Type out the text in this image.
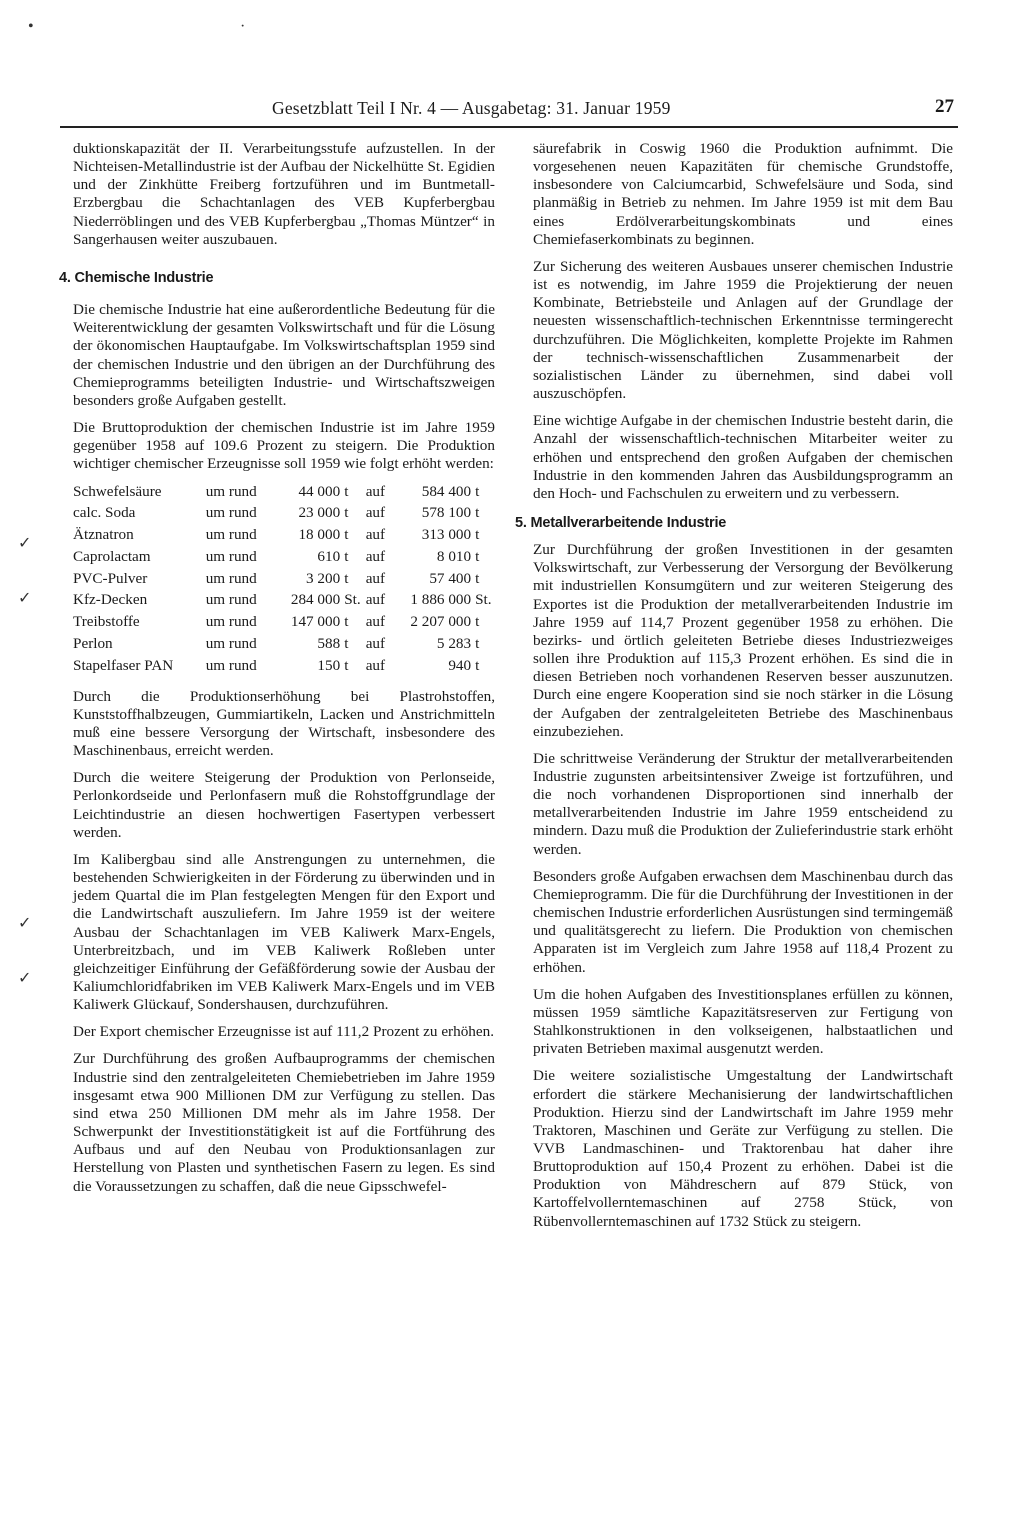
Gesetzblatt Teil I Nr. 4 — Ausgabetag: 31. Januar 1959	27
•	·
✓
✓
✓
✓

duktionskapazität der II. Verarbeitungsstufe aufzustellen. In der Nichteisen-Metallindustrie ist der Aufbau der Nickelhütte St. Egidien und der Zinkhütte Freiberg fortzuführen und im Buntmetall-Erzbergbau die Schachtanlagen des VEB Kupferbergbau Niederröblingen und des VEB Kupferbergbau „Thomas Müntzer“ in Sangerhausen weiter auszubauen.

4. Chemische Industrie

Die chemische Industrie hat eine außerordentliche Bedeutung für die Weiterentwicklung der gesamten Volkswirtschaft und für die Lösung der ökonomischen Hauptaufgabe. Im Volkswirtschaftsplan 1959 sind der chemischen Industrie und den übrigen an der Durchführung des Chemieprogramms beteiligten Industrie- und Wirtschaftszweigen besonders große Aufgaben gestellt.

Die Bruttoproduktion der chemischen Industrie ist im Jahre 1959 gegenüber 1958 auf 109.6 Prozent zu steigern. Die Produktion wichtiger chemischer Erzeugnisse soll 1959 wie folgt erhöht werden:

Schwefelsäure	um rund	44 000	t	auf	584 400	t
calc. Soda	um rund	23 000	t	auf	578 100	t
Ätznatron	um rund	18 000	t	auf	313 000	t
Caprolactam	um rund	610	t	auf	8 010	t
PVC-Pulver	um rund	3 200	t	auf	57 400	t
Kfz-Decken	um rund	284 000	St.	auf	1 886 000	St.
Treibstoffe	um rund	147 000	t	auf	2 207 000	t
Perlon	um rund	588	t	auf	5 283	t
Stapelfaser PAN	um rund	150	t	auf	940	t

Durch die Produktionserhöhung bei Plastrohstoffen, Kunststoffhalbzeugen, Gummiartikeln, Lacken und Anstrichmitteln muß eine bessere Versorgung der Wirtschaft, insbesondere des Maschinenbaus, erreicht werden.

Durch die weitere Steigerung der Produktion von Perlonseide, Perlonkordseide und Perlonfasern muß die Rohstoffgrundlage der Leichtindustrie an diesen hochwertigen Fasertypen verbessert werden.

Im Kalibergbau sind alle Anstrengungen zu unternehmen, die bestehenden Schwierigkeiten in der Förderung zu überwinden und in jedem Quartal die im Plan festgelegten Mengen für den Export und die Landwirtschaft auszuliefern. Im Jahre 1959 ist der weitere Ausbau der Schachtanlagen im VEB Kaliwerk Marx-Engels, Unterbreitzbach, und im VEB Kaliwerk Roßleben unter gleichzeitiger Einführung der Gefäßförderung sowie der Ausbau der Kaliumchloridfabriken im VEB Kaliwerk Marx-Engels und im VEB Kaliwerk Glückauf, Sondershausen, durchzuführen.

Der Export chemischer Erzeugnisse ist auf 111,2 Prozent zu erhöhen.

Zur Durchführung des großen Aufbauprogramms der chemischen Industrie sind den zentralgeleiteten Chemiebetrieben im Jahre 1959 insgesamt etwa 900 Millionen DM zur Verfügung zu stellen. Das sind etwa 250 Millionen DM mehr als im Jahre 1958. Der Schwerpunkt der Investitionstätigkeit ist auf die Fortführung des Aufbaus und auf den Neubau von Produktionsanlagen zur Herstellung von Plasten und synthetischen Fasern zu legen. Es sind die Voraussetzungen zu schaffen, daß die neue Gipsschwefel-

säurefabrik in Coswig 1960 die Produktion aufnimmt. Die vorgesehenen neuen Kapazitäten für chemische Grundstoffe, insbesondere von Calciumcarbid, Schwefelsäure und Soda, sind planmäßig in Betrieb zu nehmen. Im Jahre 1959 ist mit dem Bau eines Erdölverarbeitungskombinats und eines Chemiefaserkombinats zu beginnen.

Zur Sicherung des weiteren Ausbaues unserer chemischen Industrie ist es notwendig, im Jahre 1959 die Projektierung der neuen Kombinate, Betriebsteile und Anlagen auf der Grundlage der neuesten wissenschaftlich-technischen Erkenntnisse termingerecht durchzuführen. Die Möglichkeiten, komplette Projekte im Rahmen der technisch-wissenschaftlichen Zusammenarbeit der sozialistischen Länder zu übernehmen, sind dabei voll auszuschöpfen.

Eine wichtige Aufgabe in der chemischen Industrie besteht darin, die Anzahl der wissenschaftlich-technischen Mitarbeiter weiter zu erhöhen und entsprechend den großen Aufgaben der chemischen Industrie in den kommenden Jahren das Ausbildungsprogramm an den Hoch- und Fachschulen zu erweitern und zu verbessern.

5. Metallverarbeitende Industrie

Zur Durchführung der großen Investitionen in der gesamten Volkswirtschaft, zur Verbesserung der Versorgung der Bevölkerung mit industriellen Konsumgütern und zur weiteren Steigerung des Exportes ist die Produktion der metallverarbeitenden Industrie im Jahre 1959 auf 114,7 Prozent gegenüber 1958 zu erhöhen. Die bezirks- und örtlich geleiteten Betriebe dieses Industriezweiges sollen ihre Produktion auf 115,3 Prozent erhöhen. Es sind die in diesen Betrieben noch vorhandenen Reserven besser auszunutzen. Durch eine engere Kooperation sind sie noch stärker in die Lösung der Aufgaben der zentralgeleiteten Betriebe des Maschinenbaus einzubeziehen.

Die schrittweise Veränderung der Struktur der metallverarbeitenden Industrie zugunsten arbeitsintensiver Zweige ist fortzuführen, und die noch vorhandenen Disproportionen sind innerhalb der metallverarbeitenden Industrie im Jahre 1959 entscheidend zu mindern. Dazu muß die Produktion der Zulieferindustrie stark erhöht werden.

Besonders große Aufgaben erwachsen dem Maschinenbau durch das Chemieprogramm. Die für die Durchführung der Investitionen in der chemischen Industrie erforderlichen Ausrüstungen sind termingemäß und qualitätsgerecht zu liefern. Die Produktion von chemischen Apparaten ist im Vergleich zum Jahre 1958 auf 118,4 Prozent zu erhöhen.

Um die hohen Aufgaben des Investitionsplanes erfüllen zu können, müssen 1959 sämtliche Kapazitätsreserven zur Fertigung von Stahlkonstruktionen in den volkseigenen, halbstaatlichen und privaten Betrieben maximal ausgenutzt werden.

Die weitere sozialistische Umgestaltung der Landwirtschaft erfordert die stärkere Mechanisierung der landwirtschaftlichen Produktion. Hierzu sind der Landwirtschaft im Jahre 1959 mehr Traktoren, Maschinen und Geräte zur Verfügung zu stellen. Die VVB Landmaschinen- und Traktorenbau hat daher ihre Bruttoproduktion auf 150,4 Prozent zu erhöhen. Dabei ist die Produktion von Mähdreschern auf 879 Stück, von Kartoffelvollerntemaschinen auf 2758 Stück, von Rübenvollerntemaschinen auf 1732 Stück zu steigern.
